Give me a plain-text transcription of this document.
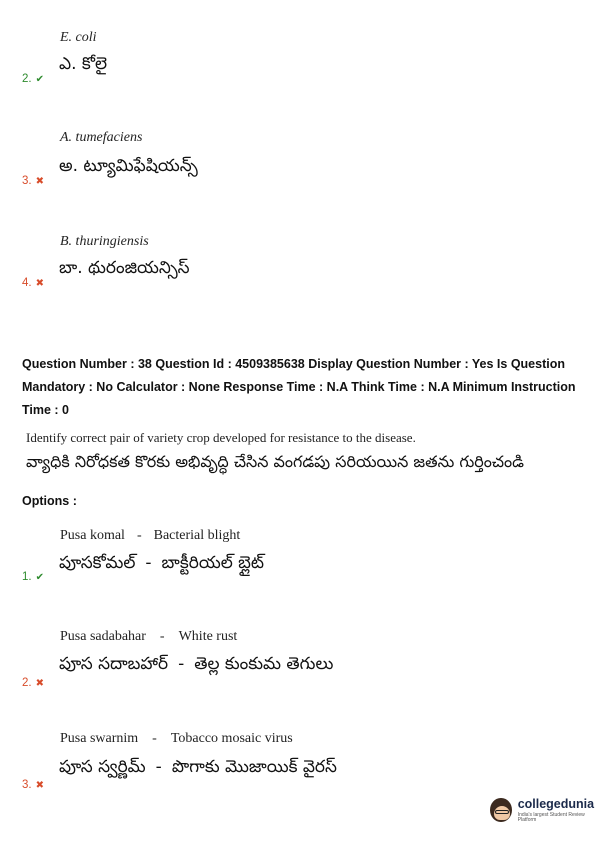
E. coli
ఎ. కోలై
2. ✔
A. tumefaciens
అ. ట్యూమిఫేషియన్స్
3. ✖
B. thuringiensis
బా. థురంజియన్సిస్
4. ✖
Question Number : 38 Question Id : 4509385638 Display Question Number : Yes Is Question Mandatory : No Calculator : None Response Time : N.A Think Time : N.A Minimum Instruction Time : 0
Identify correct pair of variety crop developed for resistance to the disease.
వ్యాధికి నిరోధకత కొరకు అభివృద్ధి చేసిన వంగడపు సరియయిన జతను గుర్తించండి
Options :
Pusa komal - Bacterial blight
పూసకోమల్ - బాక్టీరియల్ బ్లైట్
1. ✔
Pusa sadabahar - White rust
పూస సదాబహార్ - తెల్ల కుంకుమ తెగులు
2. ✖
Pusa swarnim - Tobacco mosaic virus
పూస స్వర్ణిమ్ - పొగాకు మొజాయిక్ వైరస్
3. ✖
collegedunia
India's largest Student Review Platform
